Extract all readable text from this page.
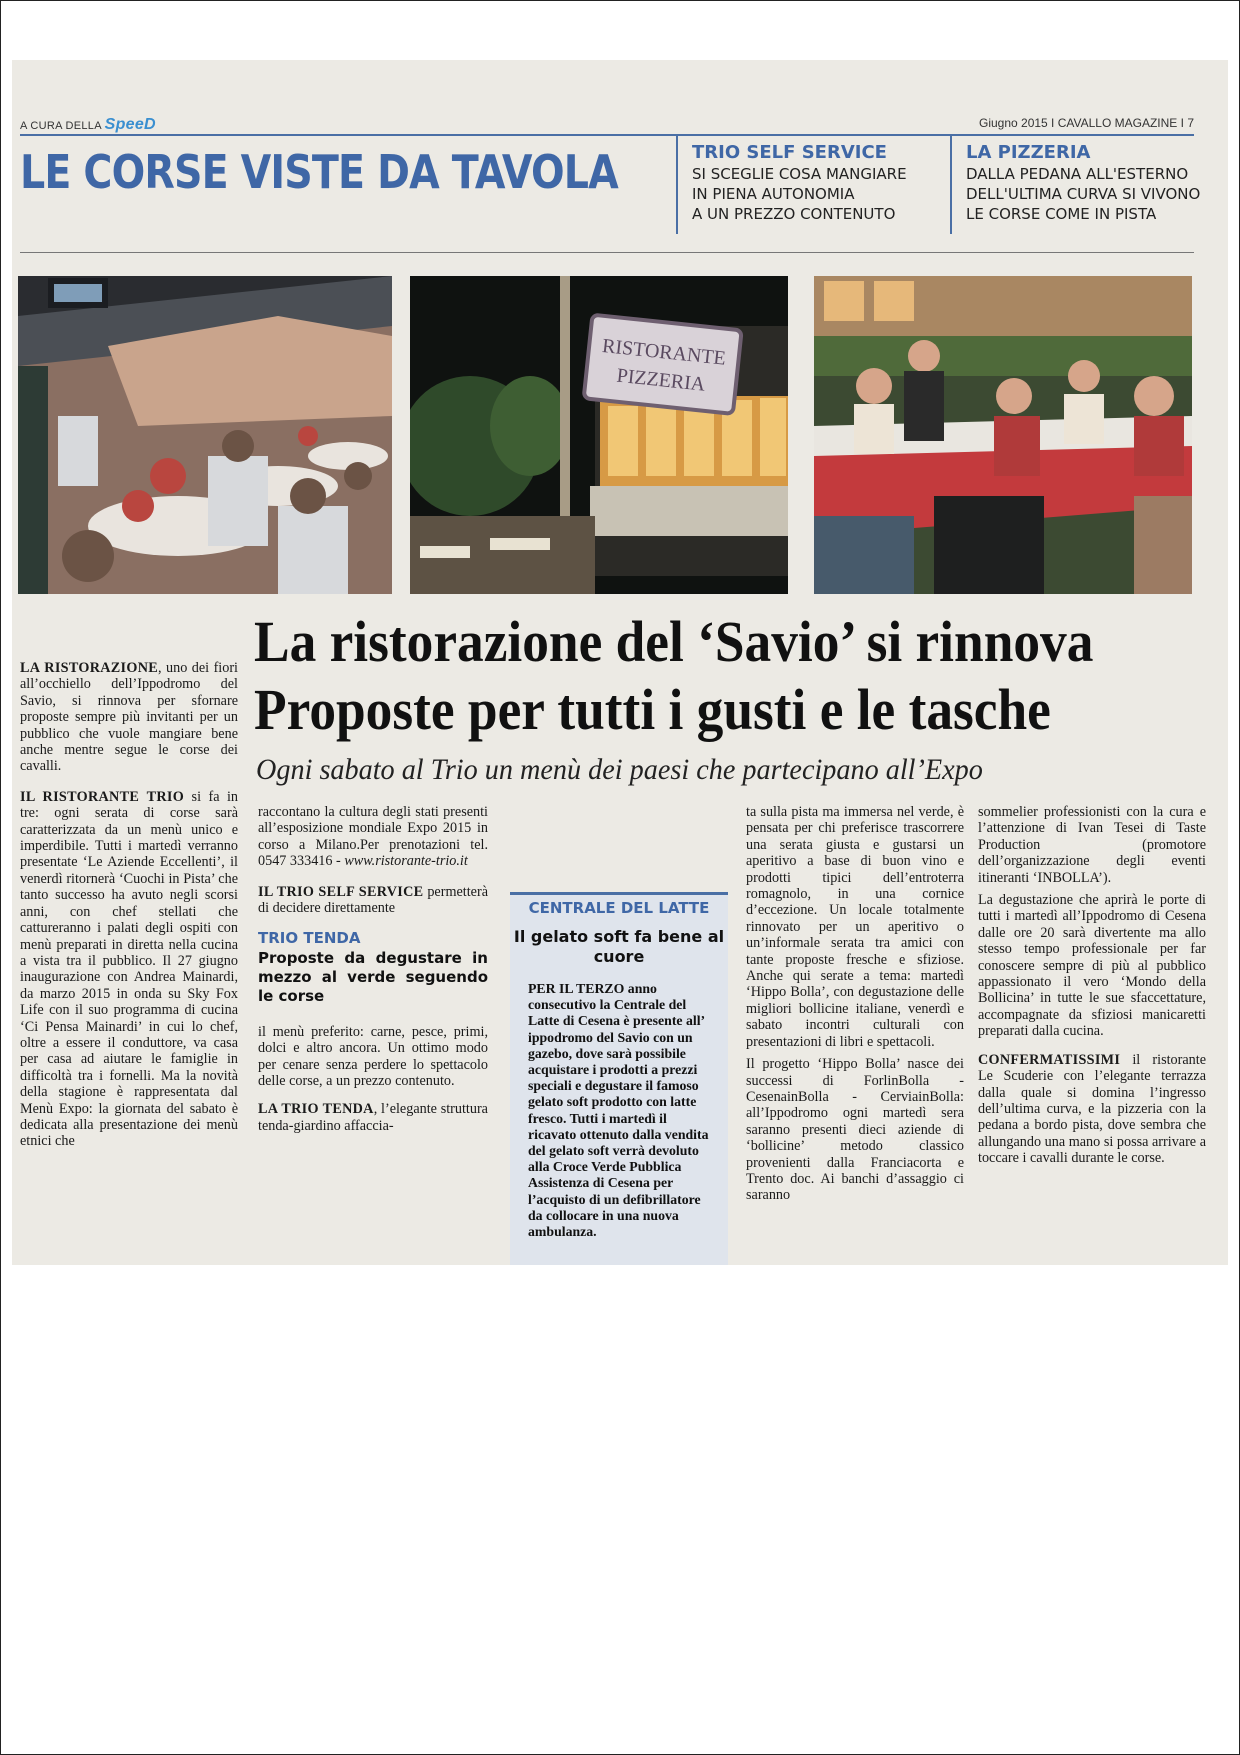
A CURA DELLA SpeeD	Giugno 2015 I CAVALLO MAGAZINE I 7
LE CORSE VISTE DA TAVOLA	TRIO SELF SERVICE
SI SCEGLIE COSA MANGIARE
IN PIENA AUTONOMIA
A UN PREZZO CONTENUTO
LA PIZZERIA
DALLA PEDANA ALL'ESTERNO
DELL'ULTIMA CURVA SI VIVONO
LE CORSE COME IN PISTA
RISTORANTE
PIZZERIA
La ristorazione del ‘Savio’ si rinnova
Proposte per tutti i gusti e le tasche
Ogni sabato al Trio un menù dei paesi che partecipano all’Expo

LA RISTORAZIONE, uno dei fiori all’occhiello dell’Ippodromo del Savio, si rinnova per sfornare proposte sempre più invitanti per un pubblico che vuole mangiare bene anche mentre segue le corse dei cavalli.

IL RISTORANTE TRIO si fa in tre: ogni serata di corse sarà caratterizzata da un menù unico e imperdibile. Tutti i martedì verranno presentate ‘Le Aziende Eccellenti’, il venerdì ritornerà ‘Cuochi in Pista’ che tanto successo ha avuto negli scorsi anni, con chef stellati che cattureranno i palati degli ospiti con menù preparati in diretta nella cucina a vista tra il pubblico. Il 27 giugno inaugurazione con Andrea Mainardi, da marzo 2015 in onda su Sky Fox Life con il suo programma di cucina ‘Ci Pensa Mainardi’ in cui lo chef, oltre a essere il conduttore, va casa per casa ad aiutare le famiglie in difficoltà tra i fornelli. Ma la novità della stagione è rappresentata dal Menù Expo: la giornata del sabato è dedicata alla presentazione dei menù etnici che

raccontano la cultura degli stati presenti all’esposizione mondiale Expo 2015 in corso a Milano.Per prenotazioni tel. 0547 333416 - www.ristorante-trio.it

IL TRIO SELF SERVICE permetterà di decidere direttamente

TRIO TENDA
Proposte da degustare in mezzo al verde seguendo le corse

il menù preferito: carne, pesce, primi, dolci e altro ancora. Un ottimo modo per cenare senza perdere lo spettacolo delle corse, a un prezzo contenuto.

LA TRIO TENDA, l’elegante struttura tenda-giardino affaccia-

CENTRALE DEL LATTE
Il gelato soft fa bene al cuore
PER IL TERZO anno consecutivo la Centrale del Latte di Cesena è presente all’ ippodromo del Savio con un gazebo, dove sarà possibile acquistare i prodotti a prezzi speciali e degustare il famoso gelato soft prodotto con latte fresco. Tutti i martedì il ricavato ottenuto dalla vendita del gelato soft verrà devoluto alla Croce Verde Pubblica Assistenza di Cesena per l’acquisto di un defibrillatore da collocare in una nuova ambulanza.

ta sulla pista ma immersa nel verde, è pensata per chi preferisce trascorrere una serata giusta e gustarsi un aperitivo a base di buon vino e prodotti tipici dell’entroterra romagnolo, in una cornice d’eccezione. Un locale totalmente rinnovato per un aperitivo o un’informale serata tra amici con tante proposte fresche e sfiziose. Anche qui serate a tema: martedì ‘Hippo Bolla’, con degustazione delle migliori bollicine italiane, venerdì e sabato incontri culturali con presentazioni di libri e spettacoli.

Il progetto ‘Hippo Bolla’ nasce dei successi di ForlinBolla - CesenainBolla - CerviainBolla: all’Ippodromo ogni martedì sera saranno presenti dieci aziende di ‘bollicine’ metodo classico provenienti dalla Franciacorta e Trento doc. Ai banchi d’assaggio ci saranno

sommelier professionisti con la cura e l’attenzione di Ivan Tesei di Taste Production (promotore dell’organizzazione degli eventi itineranti ‘INBOLLA’).

La degustazione che aprirà le porte di tutti i martedì all’Ippodromo di Cesena dalle ore 20 sarà divertente ma allo stesso tempo professionale per far conoscere sempre di più al pubblico appassionato il vero ‘Mondo della Bollicina’ in tutte le sue sfaccettature, accompagnate da sfiziosi manicaretti preparati dalla cucina.

CONFERMATISSIMI il ristorante Le Scuderie con l’elegante terrazza dalla quale si domina l’ingresso dell’ultima curva, e la pizzeria con la pedana a bordo pista, dove sembra che allungando una mano si possa arrivare a toccare i cavalli durante le corse.
